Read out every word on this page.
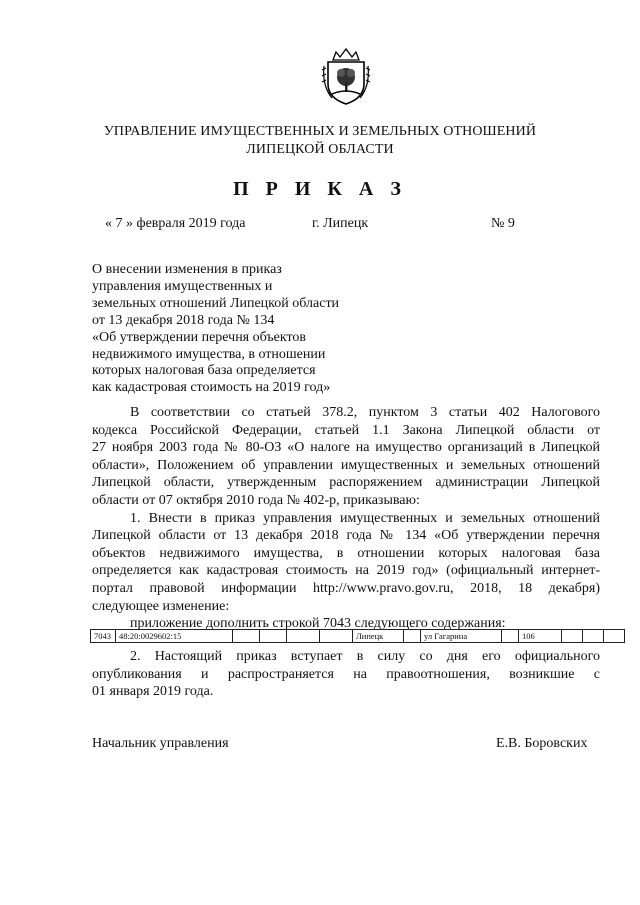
УПРАВЛЕНИЕ ИМУЩЕСТВЕННЫХ И ЗЕМЕЛЬНЫХ ОТНОШЕНИЙ
ЛИПЕЦКОЙ ОБЛАСТИ
П Р И К А З
« 7 » февраля 2019 года	г. Липецк	№ 9
О внесении изменения в приказ
управления имущественных и
земельных отношений Липецкой области
от 13 декабря 2018 года № 134
«Об утверждении перечня объектов
недвижимого имущества, в отношении
которых налоговая база определяется
как кадастровая стоимость на 2019 год»
В соответствии со статьей 378.2, пунктом 3 статьи 402 Налогового
кодекса Российской Федерации, статьей 1.1 Закона Липецкой области от
27 ноября 2003 года № 80-ОЗ «О налоге на имущество организаций в Липецкой
области», Положением об управлении имущественных и земельных отношений
Липецкой области, утвержденным распоряжением администрации Липецкой
области от 07 октября 2010 года № 402-р, приказываю:
1. Внести в приказ управления имущественных и земельных отношений
Липецкой области от 13 декабря 2018 года № 134 «Об утверждении перечня
объектов недвижимого имущества, в отношении которых налоговая база
определяется как кадастровая стоимость на 2019 год» (официальный интернет-
портал правовой информации http://www.pravo.gov.ru, 2018, 18 декабря)
следующее изменение:
приложение дополнить строкой 7043 следующего содержания:
7043	48:20:0029602:15					Липецк		ул Гагарина		106			
2. Настоящий приказ вступает в силу со дня его официального
опубликования и распространяется на правоотношения, возникшие с
01 января 2019 года.
Начальник управления	Е.В. Боровских
